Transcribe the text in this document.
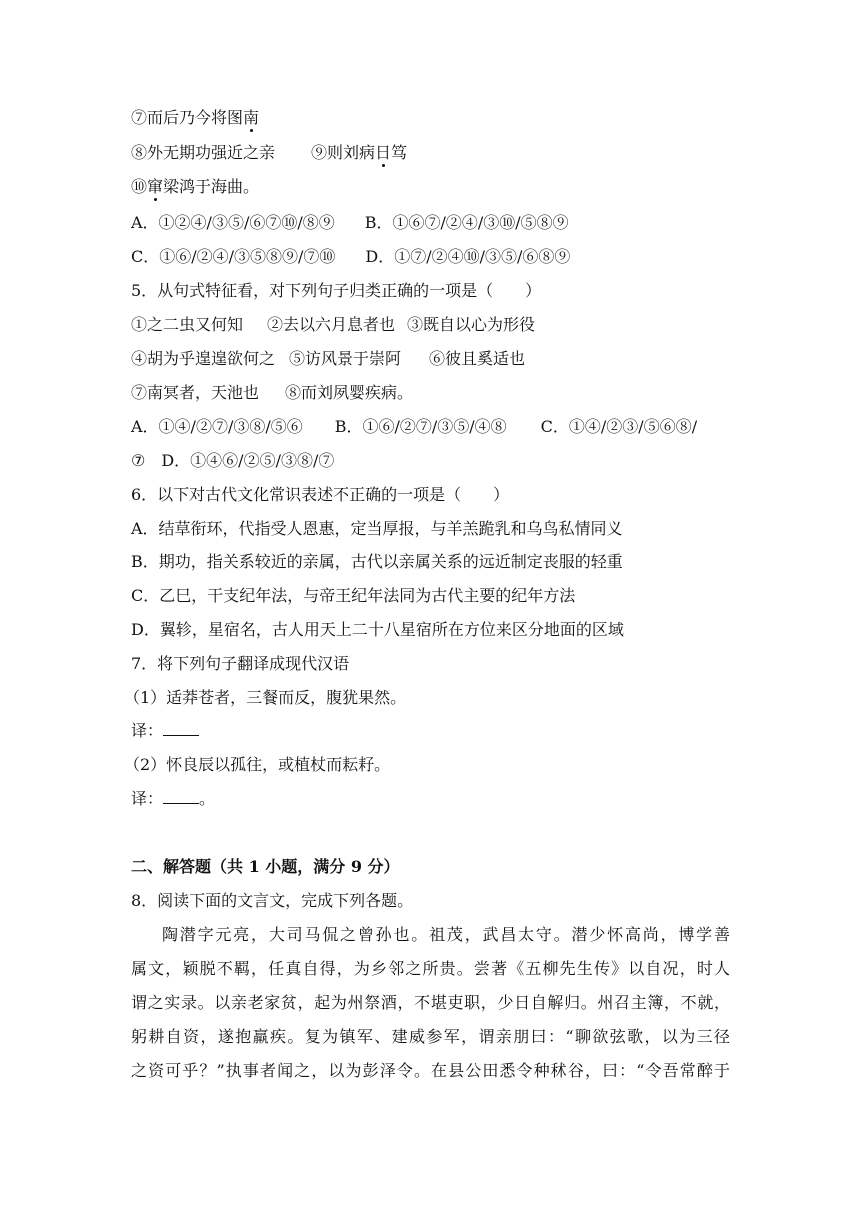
⑦而后乃今将图南
⑧外无期功强近之亲 ⑨则刘病日笃
⑩窜梁鸿于海曲。
A．①②④/③⑤/⑥⑦⑩/⑧⑨ B．①⑥⑦/②④/③⑩/⑤⑧⑨
C．①⑥/②④/③⑤⑧⑨/⑦⑩ D．①⑦/②④⑩/③⑤/⑥⑧⑨
5．从句式特征看，对下列句子归类正确的一项是（　　）
①之二虫又何知 ②去以六月息者也 ③既自以心为形役
④胡为乎遑遑欲何之 ⑤访风景于崇阿 ⑥彼且奚适也
⑦南冥者，天池也 ⑧而刘夙婴疾病。
A．①④/②⑦/③⑧/⑤⑥ B．①⑥/②⑦/③⑤/④⑧ C．①④/②③/⑤⑥⑧/
⑦ D．①④⑥/②⑤/③⑧/⑦
6．以下对古代文化常识表述不正确的一项是（　　）
A．结草衔环，代指受人恩惠，定当厚报，与羊羔跪乳和乌鸟私情同义
B．期功，指关系较近的亲属，古代以亲属关系的远近制定丧服的轻重
C．乙巳，干支纪年法，与帝王纪年法同为古代主要的纪年方法
D．翼轸，星宿名，古人用天上二十八星宿所在方位来区分地面的区域
7．将下列句子翻译成现代汉语
（1）适莽苍者，三餐而反，腹犹果然。
译：
（2）怀良辰以孤往，或植杖而耘耔。
译： 。
二、解答题（共 1 小题，满分 9 分）
8．阅读下面的文言文，完成下列各题。
陶潜字元亮，大司马侃之曾孙也。祖茂，武昌太守。潜少怀高尚，博学善
属文，颖脱不羁，任真自得，为乡邻之所贵。尝著《五柳先生传》以自况，时人
谓之实录。以亲老家贫，起为州祭酒，不堪吏职，少日自解归。州召主簿，不就，
躬耕自资，遂抱羸疾。复为镇军、建威参军，谓亲朋曰：“聊欲弦歌，以为三径
之资可乎？”执事者闻之，以为彭泽令。在县公田悉令种秫谷，曰：“令吾常醉于
